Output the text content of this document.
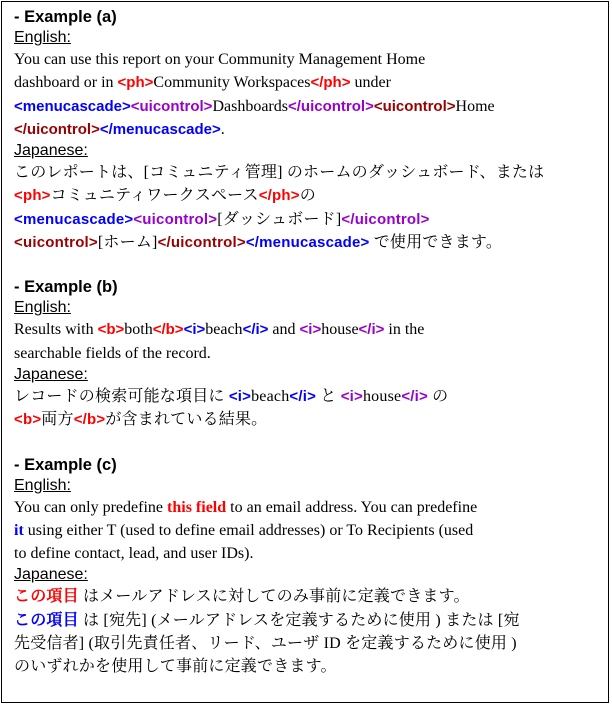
- Example (a)
English:
You can use this report on your Community Management Home
dashboard or in <ph>Community Workspaces</ph> under
<menucascade><uicontrol>Dashboards</uicontrol><uicontrol>Home
</uicontrol></menucascade>.
Japanese:
このレポートは、[コミュニティ管理] のホームのダッシュボード、または
<ph>コミュニティワークスペース</ph>の
<menucascade><uicontrol>[ダッシュボード]</uicontrol>
<uicontrol>[ホーム]</uicontrol></menucascade> で使用できます。
- Example (b)
English:
Results with <b>both</b><i>beach</i> and <i>house</i> in the
searchable fields of the record.
Japanese:
レコードの検索可能な項目に <i>beach</i> と <i>house</i> の
<b>両方</b>が含まれている結果。
- Example (c)
English:
You can only predefine this field to an email address. You can predefine
it using either T (used to define email addresses) or To Recipients (used
to define contact, lead, and user IDs).
Japanese:
この項目 はメールアドレスに対してのみ事前に定義できます。
この項目 は [宛先] (メールアドレスを定義するために使用 ) または [宛
先受信者] (取引先責任者、リード、ユーザ ID を定義するために使用 )
のいずれかを使用して事前に定義できます。
